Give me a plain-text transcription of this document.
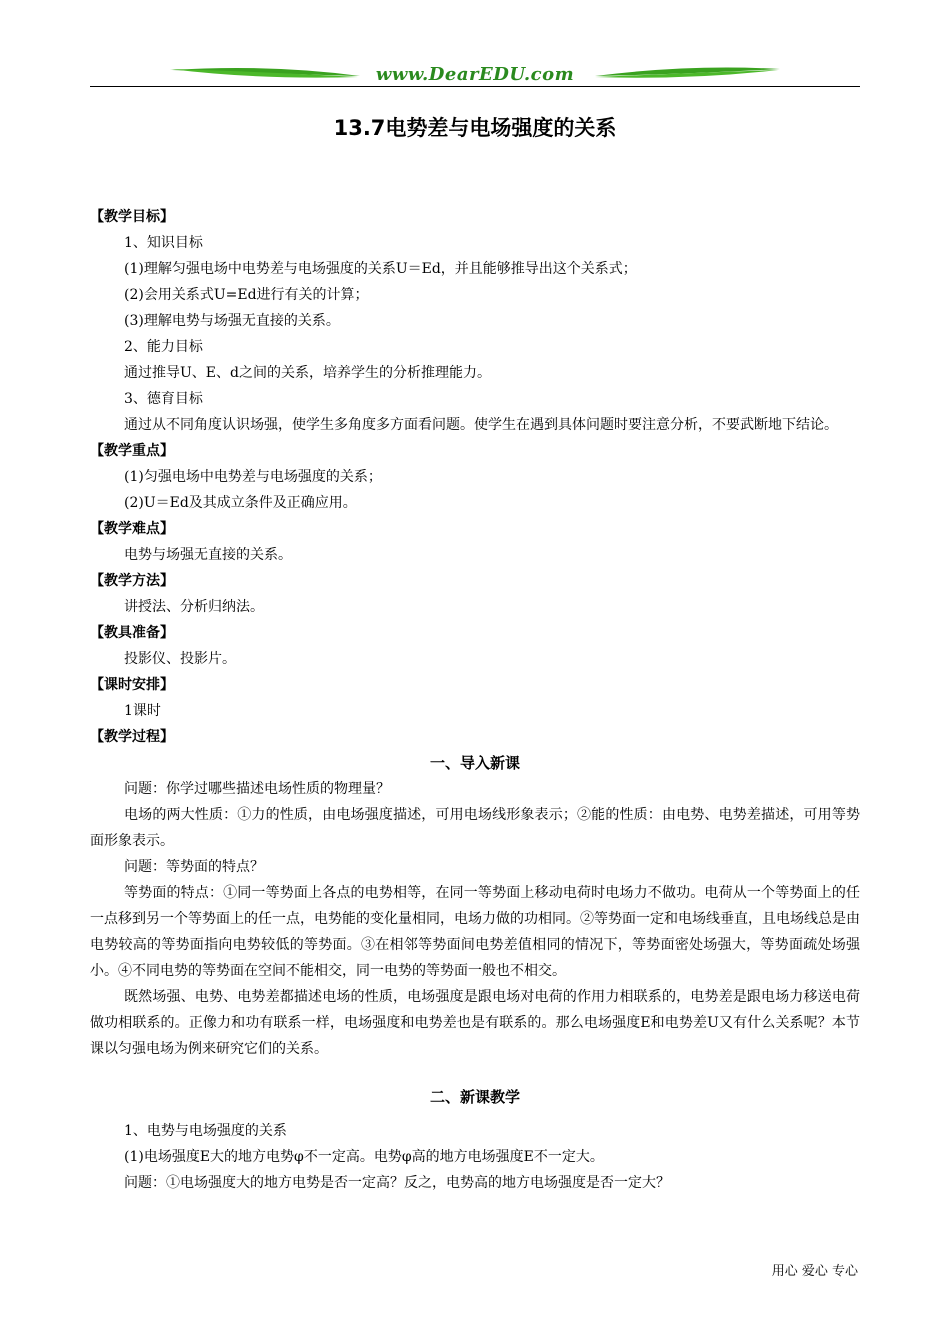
www.DearEDU.com
13.7电势差与电场强度的关系

【教学目标】

1、知识目标

(1)理解匀强电场中电势差与电场强度的关系U＝Ed，并且能够推导出这个关系式；

(2)会用关系式U=Ed进行有关的计算；

(3)理解电势与场强无直接的关系。

2、能力目标

通过推导U、E、d之间的关系，培养学生的分析推理能力。

3、德育目标

通过从不同角度认识场强，使学生多角度多方面看问题。使学生在遇到具体问题时要注意分析，不要武断地下结论。

【教学重点】

(1)匀强电场中电势差与电场强度的关系；

(2)U＝Ed及其成立条件及正确应用。

【教学难点】

电势与场强无直接的关系。

【教学方法】

讲授法、分析归纳法。

【教具准备】

投影仪、投影片。

【课时安排】

1课时

【教学过程】

一、导入新课

问题：你学过哪些描述电场性质的物理量？

电场的两大性质：①力的性质，由电场强度描述，可用电场线形象表示；②能的性质：由电势、电势差描述，可用等势面形象表示。

问题：等势面的特点？

等势面的特点：①同一等势面上各点的电势相等，在同一等势面上移动电荷时电场力不做功。电荷从一个等势面上的任一点移到另一个等势面上的任一点，电势能的变化量相同，电场力做的功相同。②等势面一定和电场线垂直，且电场线总是由电势较高的等势面指向电势较低的等势面。③在相邻等势面间电势差值相同的情况下，等势面密处场强大，等势面疏处场强小。④不同电势的等势面在空间不能相交，同一电势的等势面一般也不相交。

既然场强、电势、电势差都描述电场的性质，电场强度是跟电场对电荷的作用力相联系的，电势差是跟电场力移送电荷做功相联系的。正像力和功有联系一样，电场强度和电势差也是有联系的。那么电场强度E和电势差U又有什么关系呢？本节课以匀强电场为例来研究它们的关系。

二、新课教学

1、电势与电场强度的关系

(1)电场强度E大的地方电势φ不一定高。电势φ高的地方电场强度E不一定大。

问题：①电场强度大的地方电势是否一定高？反之，电势高的地方电场强度是否一定大？

用心 爱心 专心
